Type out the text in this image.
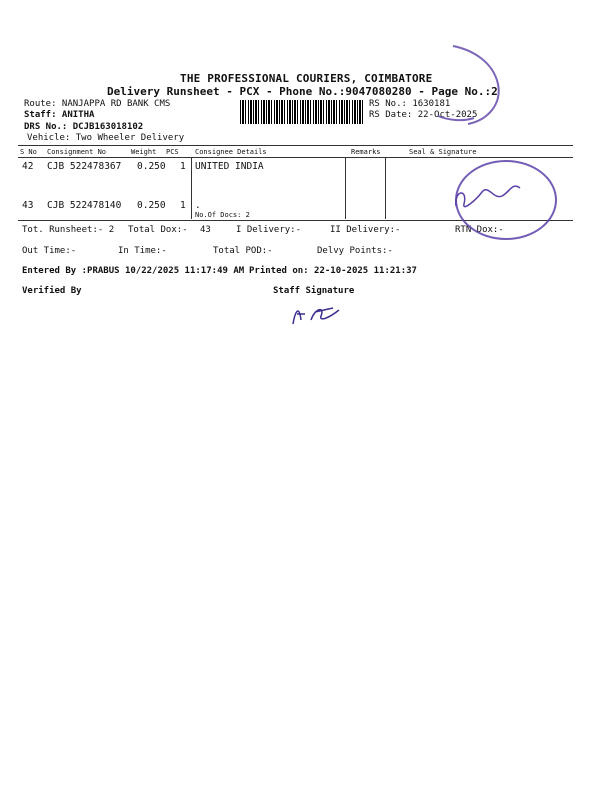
THE PROFESSIONAL COURIERS, COIMBATORE
Delivery Runsheet - PCX - Phone No.:9047080280 - Page No.:2
Route: NANJAPPA RD BANK CMS
Staff: ANITHA
DRS No.: DCJB163018102
Vehicle: Two Wheeler Delivery
RS No.: 1630181
RS Date: 22-Oct-2025
S No Consignment No	Weight PCS Consignee Details	Remarks	Seal & Signature
42 CJB 522478367 0.250 1 UNITED INDIA
43 CJB 522478140 0.250 1 .
No.Of Docs: 2
Tot. Runsheet:- 2 Total Dox:- 43	I Delivery:-	II Delivery:-	RTN Dox:-
Out Time:-	In Time:-	Total POD:-	Delvy Points:-
Entered By :PRABUS 10/22/2025 11:17:49 AM Printed on: 22-10-2025 11:21:37
Verified By	Staff Signature
